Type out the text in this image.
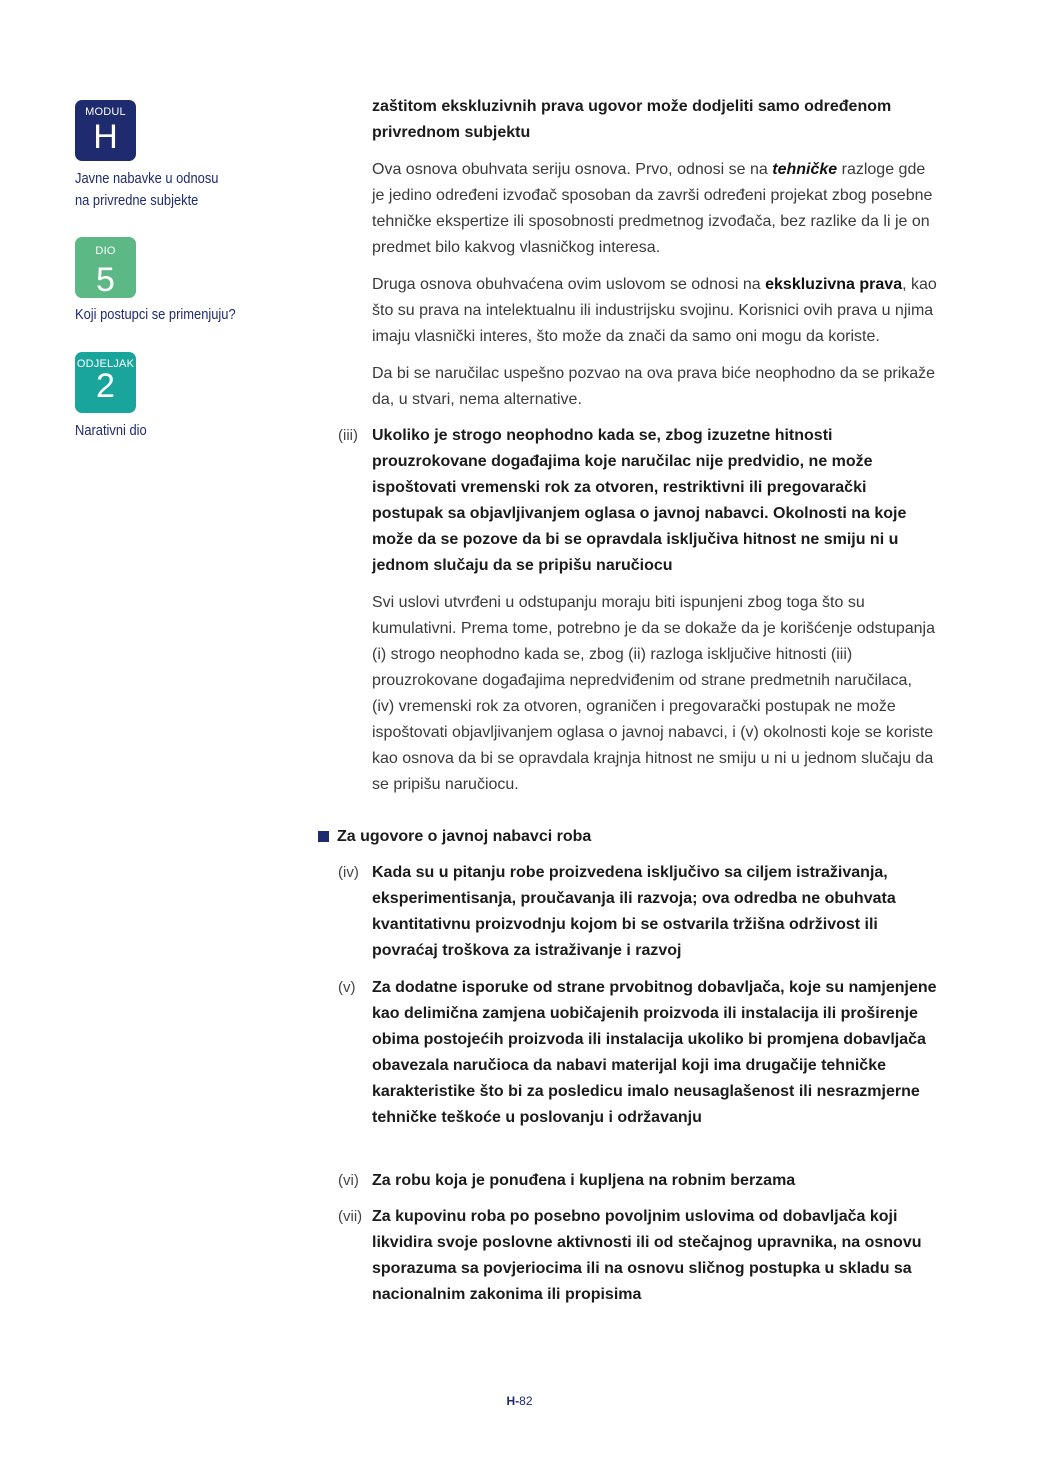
MODUL
H
Javne nabavke u odnosu
na privredne subjekte
DIO
5
Koji postupci se primenjuju?
ODJELJAK
2
Narativni dio
zaštitom ekskluzivnih prava ugovor može dodjeliti samo određenom privrednom subjektu
Ova osnova obuhvata seriju osnova. Prvo, odnosi se na tehničke razloge gde je jedino određeni izvođač sposoban da završi određeni projekat zbog posebne tehničke ekspertize ili sposobnosti predmetnog izvođača, bez razlike da li je on predmet bilo kakvog vlasničkog interesa.
Druga osnova obuhvaćena ovim uslovom se odnosi na ekskluzivna prava, kao što su prava na intelektualnu ili industrijsku svojinu. Korisnici ovih prava u njima imaju vlasnički interes, što može da znači da samo oni mogu da koriste.
Da bi se naručilac uspešno pozvao na ova prava biće neophodno da se prikaže da, u stvari, nema alternative.
(iii) Ukoliko je strogo neophodno kada se, zbog izuzetne hitnosti prouzrokovane događajima koje naručilac nije predvidio, ne može ispoštovati vremenski rok za otvoren, restriktivni ili pregovarački postupak sa objavljivanjem oglasa o javnoj nabavci. Okolnosti na koje može da se pozove da bi se opravdala isključiva hitnost ne smiju ni u jednom slučaju da se pripišu naručiocu
Svi uslovi utvrđeni u odstupanju moraju biti ispunjeni zbog toga što su kumulativni. Prema tome, potrebno je da se dokaže da je korišćenje odstupanja (i) strogo neophodno kada se, zbog (ii) razloga isključive hitnosti (iii) prouzrokovane događajima nepredviđenim od strane predmetnih naručilaca, (iv) vremenski rok za otvoren, ograničen i pregovarački postupak ne može ispoštovati objavljivanjem oglasa o javnoj nabavci, i (v) okolnosti koje se koriste kao osnova da bi se opravdala krajnja hitnost ne smiju u ni u jednom slučaju da se pripišu naručiocu.
Za ugovore o javnoj nabavci roba
(iv) Kada su u pitanju robe proizvedena isključivo sa ciljem istraživanja, eksperimentisanja, proučavanja ili razvoja; ova odredba ne obuhvata kvantitativnu proizvodnju kojom bi se ostvarila tržišna održivost ili povraćaj troškova za istraživanje i razvoj
(v)	Za dodatne isporuke od strane prvobitnog dobavljača, koje su namjenjene kao delimična zamjena uobičajenih proizvoda ili instalacija ili proširenje obima postojećih proizvoda ili instalacija ukoliko bi promjena dobavljača obavezala naručioca da nabavi materijal koji ima drugačije tehničke karakteristike što bi za posledicu imalo neusaglašenost ili nesrazmjerne tehničke teškoće u poslovanju i održavanju
(vi) Za robu koja je ponuđena i kupljena na robnim berzama
(vii) Za kupovinu roba po posebno povoljnim uslovima od dobavljača koji likvidira svoje poslovne aktivnosti ili od stečajnog upravnika, na osnovu sporazuma sa povjeriocima ili na osnovu sličnog postupka u skladu sa nacionalnim zakonima ili propisima
H-82
